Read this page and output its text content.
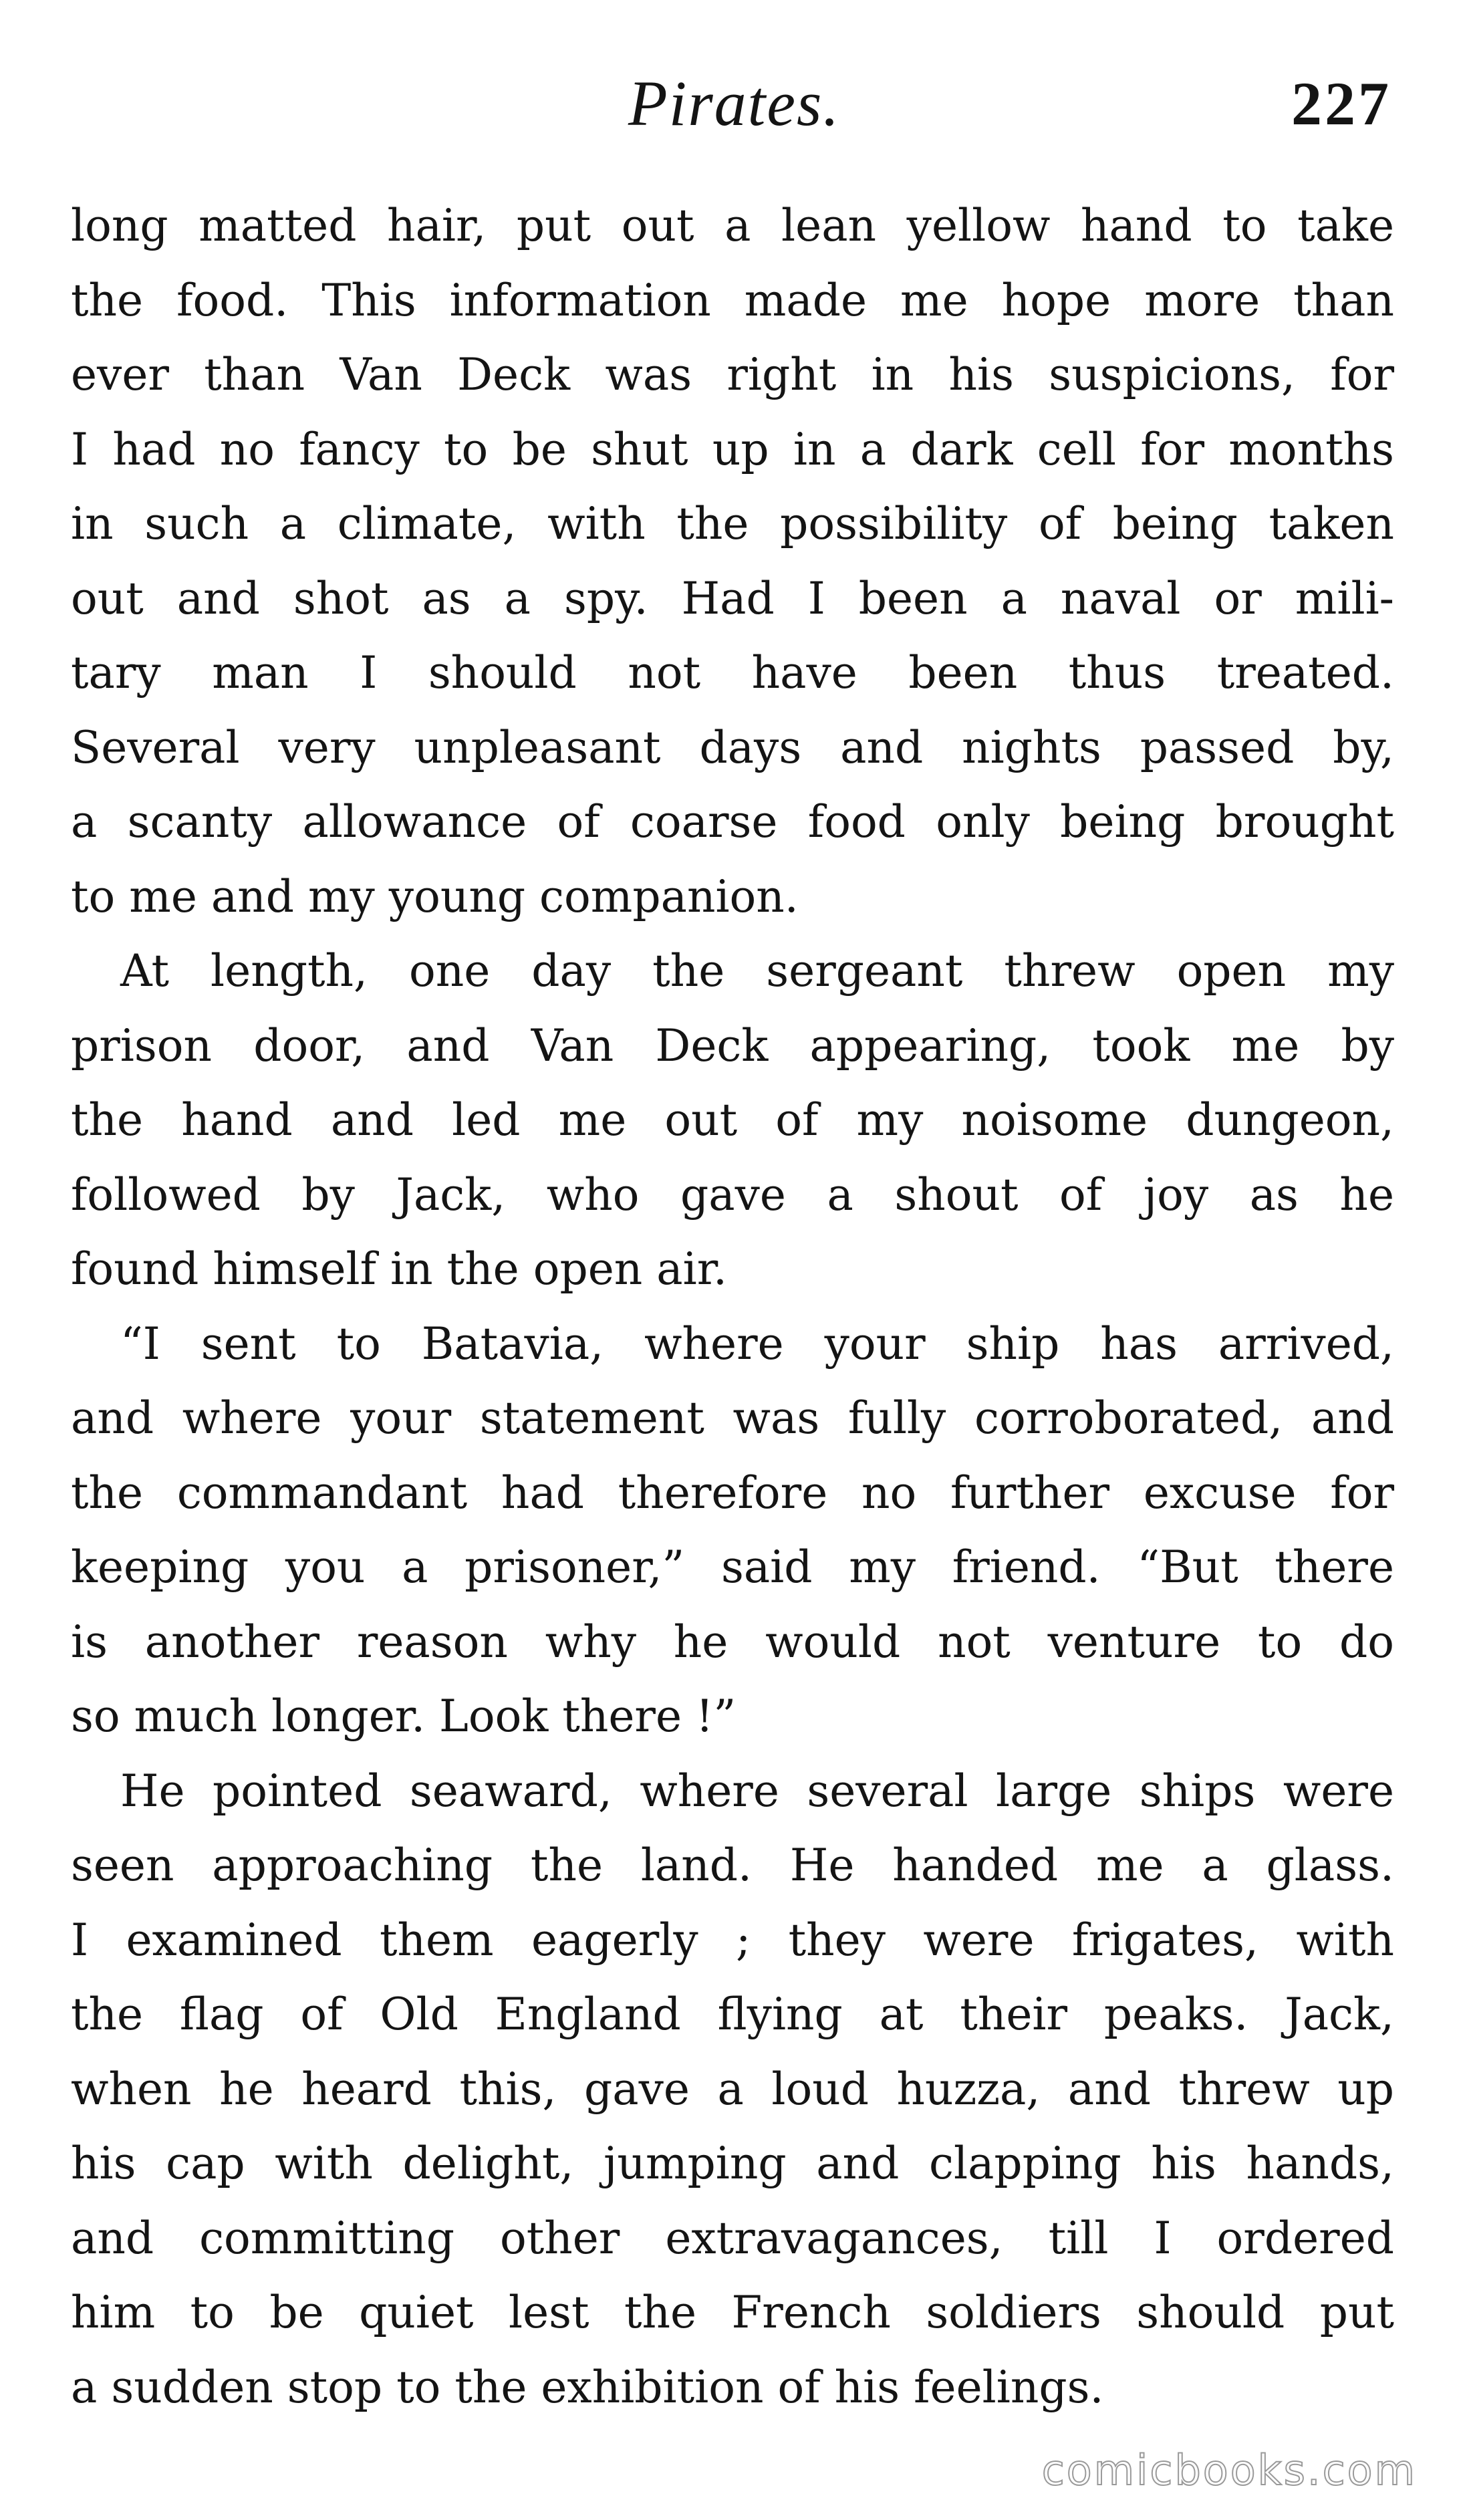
Pirates.	227
long matted hair, put out a lean yellow hand to take
the food. This information made me hope more than
ever than Van Deck was right in his suspicions, for
I had no fancy to be shut up in a dark cell for months
in such a climate, with the possibility of being taken
out and shot as a spy. Had I been a naval or mili-
tary man I should not have been thus treated.
Several very unpleasant days and nights passed by,
a scanty allowance of coarse food only being brought
to me and my young companion.
At length, one day the sergeant threw open my
prison door, and Van Deck appearing, took me by
the hand and led me out of my noisome dungeon,
followed by Jack, who gave a shout of joy as he
found himself in the open air.
“I sent to Batavia, where your ship has arrived,
and where your statement was fully corroborated, and
the commandant had therefore no further excuse for
keeping you a prisoner,” said my friend. “But there
is another reason why he would not venture to do
so much longer. Look there !”
He pointed seaward, where several large ships were
seen approaching the land. He handed me a glass.
I examined them eagerly ; they were frigates, with
the flag of Old England flying at their peaks. Jack,
when he heard this, gave a loud huzza, and threw up
his cap with delight, jumping and clapping his hands,
and committing other extravagances, till I ordered
him to be quiet lest the French soldiers should put
a sudden stop to the exhibition of his feelings.
comicbooks.com
